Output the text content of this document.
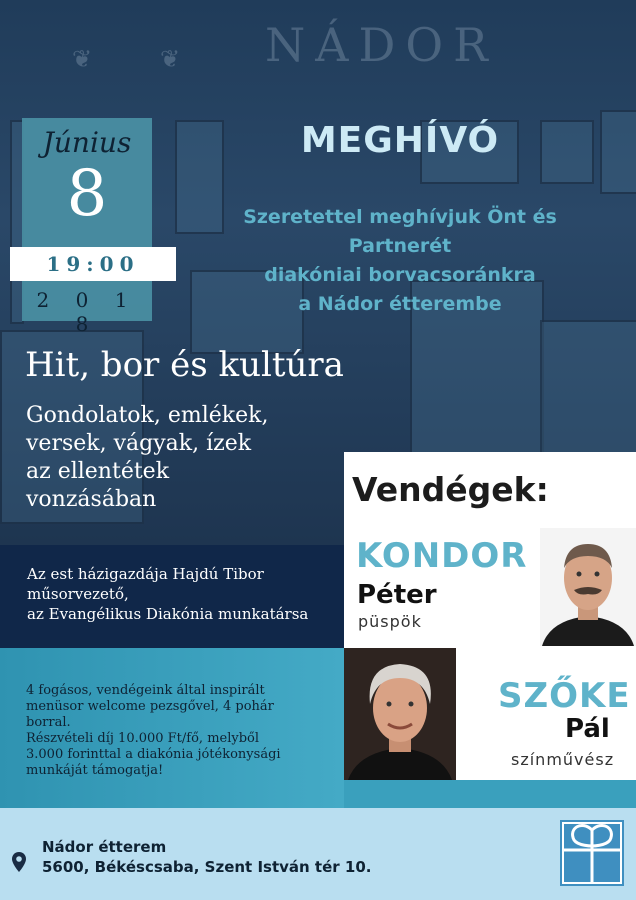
NÁDOR
❦	❦
Június
8
19:00
2 0 1 8
MEGHÍVÓ
Szeretettel meghívjuk Önt és
Partnerét
diakóniai borvacsoránkra
a Nádor étterembe
Hit, bor és kultúra
Gondolatok, emlékek,
versek, vágyak, ízek
az ellentétek
vonzásában
Az est házigazdája Hajdú Tibor
műsorvezető,
az Evangélikus Diakónia munkatársa
4 fogásos, vendégeink által inspirált
menüsor welcome pezsgővel, 4 pohár
borral.
Részvételi díj 10.000 Ft/fő, melyből
3.000 forinttal a diakónia jótékonysági
munkáját támogatja!
Vendégek:
KONDOR
Péter
püspök
SZŐKE
Pál
színművész
Nádor étterem
5600, Békéscsaba, Szent István tér 10.
